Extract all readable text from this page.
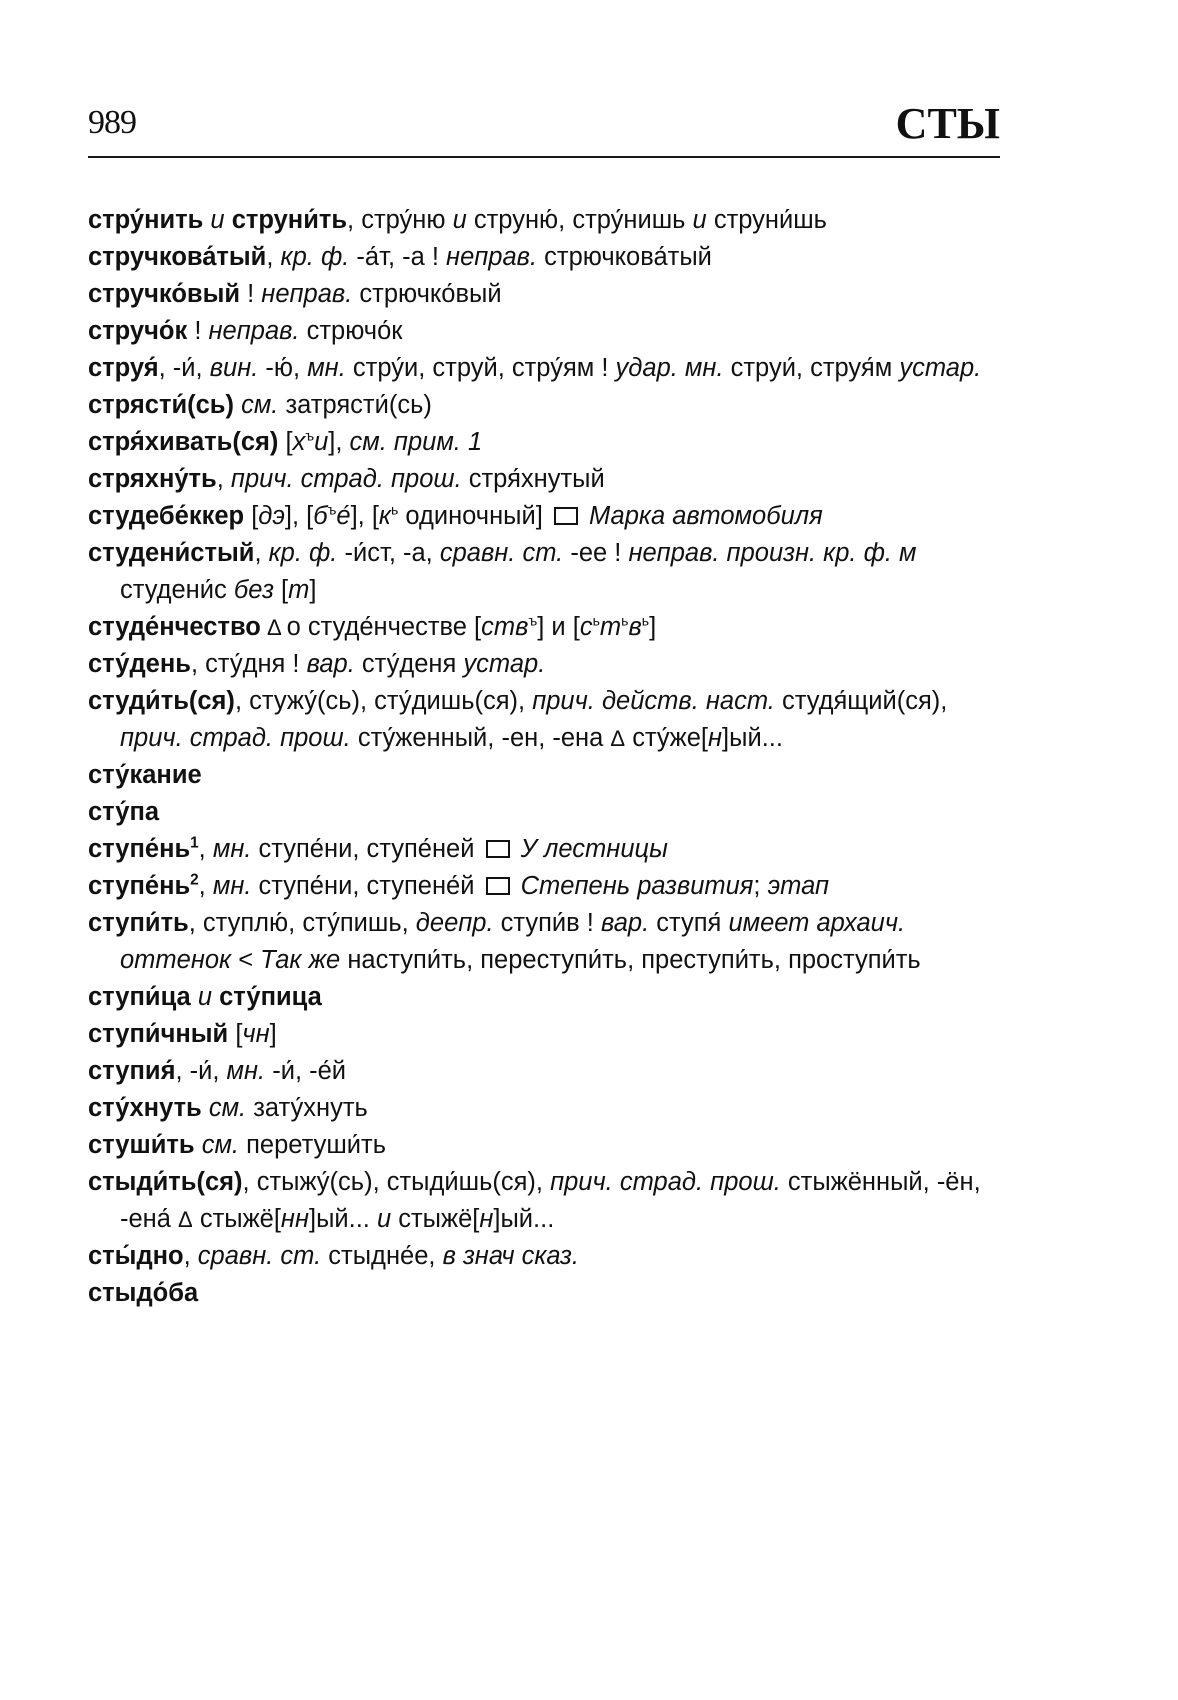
989	СТЫ
стру́нить и струни́ть, стру́ню и струню́, стру́нишь и струни́шь
стручкова́тый, кр. ф. -а́т, -а ! неправ. стрючкова́тый
стручко́вый ! неправ. стрючко́вый
стручо́к ! неправ. стрючо́к
струя́, -и́, вин. -ю́, мн. стру́и, струй, стру́ям ! удар. мн. струи́, струя́м устар.
стрясти́(сь) см. затрясти́(сь)
стря́хивать(ся) $[х^ъи]$, см. прим. 1
стряхну́ть, прич. страд. прош. стря́хнутый
студебе́ккер [дэ], $[б^ъе́]$, [$к^ь$ одиночный]  Марка автомобиля
студени́стый, кр. ф. -и́ст, -а, сравн. ст. -ее ! неправ. произн. кр. ф. м студени́с без [т]
студе́нчество Δ о студе́нчестве [ств$^ъ$] и $[с^ьт^ьв^ь]$
сту́день, сту́дня ! вар. сту́деня устар.
студи́ть(ся), стужу́(сь), сту́дишь(ся), прич. действ. наст. студя́щий(ся), прич. страд. прош. сту́женный, -ен, -ена Δ сту́же[н]ый...
сту́кание
сту́па
$ступе́нь^1$, мн. ступе́ни, ступе́ней  У лестницы
$ступе́нь^2$, мн. ступе́ни, ступене́й  Степень развития; этап
ступи́ть, ступлю́, сту́пишь, деепр. ступи́в ! вар. ступя́ имеет архаич. оттенок < Так же наступи́ть, переступи́ть, преступи́ть, проступи́ть
ступи́ца и сту́пица
ступи́чный [чн]
ступия́, -и́, мн. -и́, -е́й
сту́хнуть см. зату́хнуть
стуши́ть см. перетуши́ть
стыди́ть(ся), стыжу́(сь), стыди́шь(ся), прич. страд. прош. стыжённый, -ён, -ена́ Δ стыжё[нн]ый... и стыжё[н]ый...
сты́дно, сравн. ст. стыдне́е, в знач сказ.
стыдо́ба
